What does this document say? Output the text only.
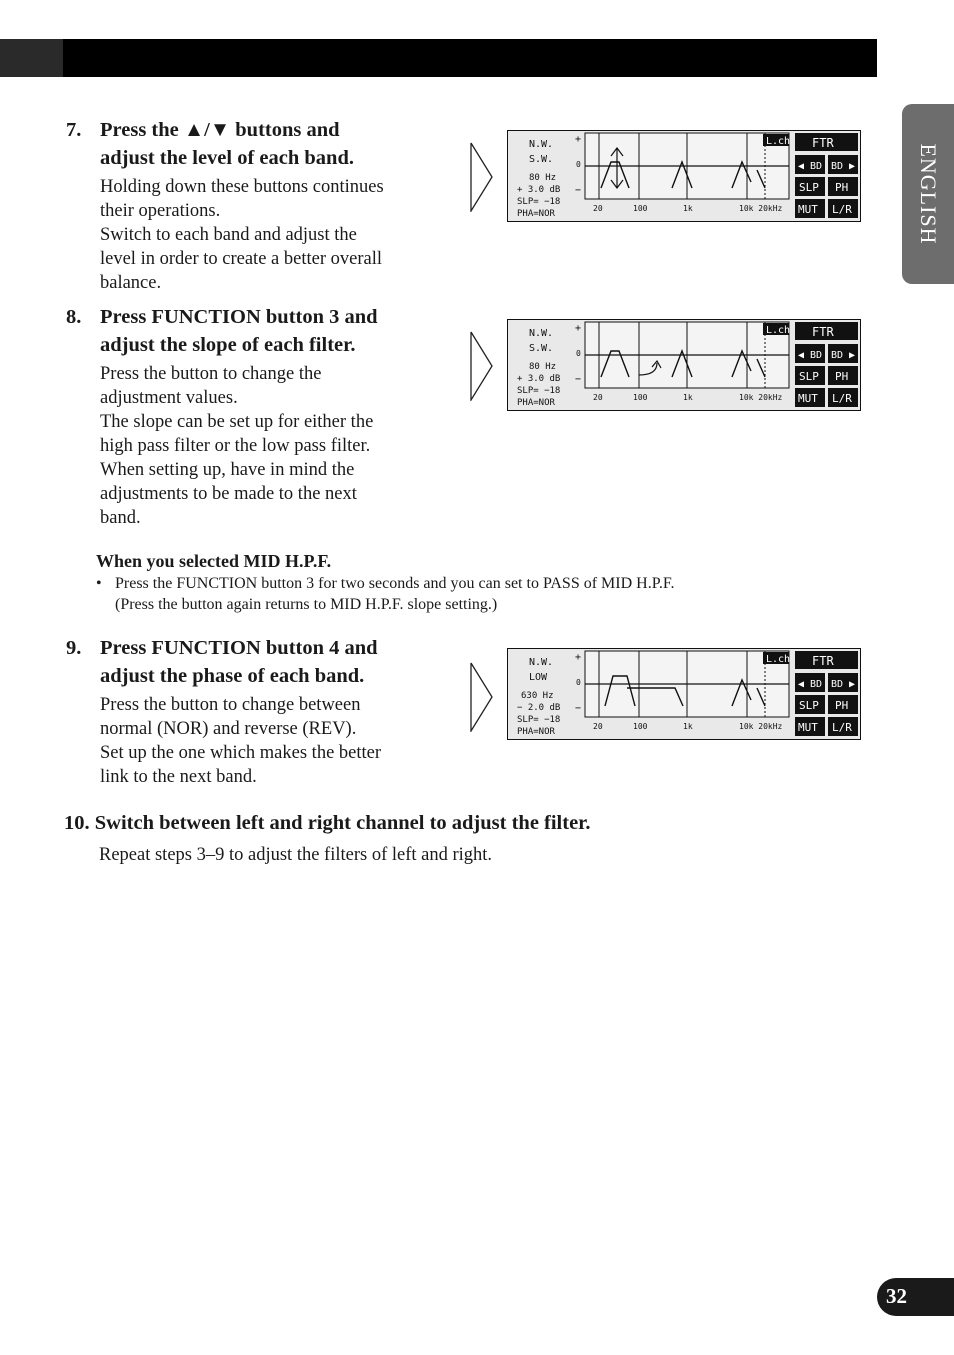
ENGLISH
32
7. Press the ▲/▼ buttons and
adjust the level of each band.

Holding down these buttons continues

their operations.

Switch to each band and adjust the

level in order to create a better overall

balance.

8. Press FUNCTION button 3 and
adjust the slope of each filter.

Press the button to change the

adjustment values.

The slope can be set up for either the

high pass filter or the low pass filter.

When setting up, have in mind the

adjustments to be made to the next

band.

When you selected MID H.P.F.
• Press the FUNCTION button 3 for two seconds and you can set to PASS of MID H.P.F.
(Press the button again returns to MID H.P.F. slope setting.)
9. Press FUNCTION button 4 and
adjust the phase of each band.

Press the button to change between

normal (NOR) and reverse (REV).

Set up the one which makes the better

link to the next band.

10. Switch between left and right channel to adjust the filter.
Repeat steps 3–9 to adjust the filters of left and right.
N.W.
S.W.
80 Hz
+ 3.0 dB
SLP= −18
PHA=NOR
+
0
−
L.ch
20	100	1k	10k 20kHz
FTR
◀ BD BD ▶
SLP PH
MUT L/R
N.W.
S.W.
80 Hz
+ 3.0 dB
SLP= −18
PHA=NOR
+
0
−
L.ch
20	100	1k	10k 20kHz
FTR
◀ BD BD ▶
SLP PH
MUT L/R
N.W.
LOW
630 Hz
− 2.0 dB
SLP= −18
PHA=NOR
+
0
−
L.ch
20	100	1k	10k 20kHz
FTR
◀ BD BD ▶
SLP PH
MUT L/R
